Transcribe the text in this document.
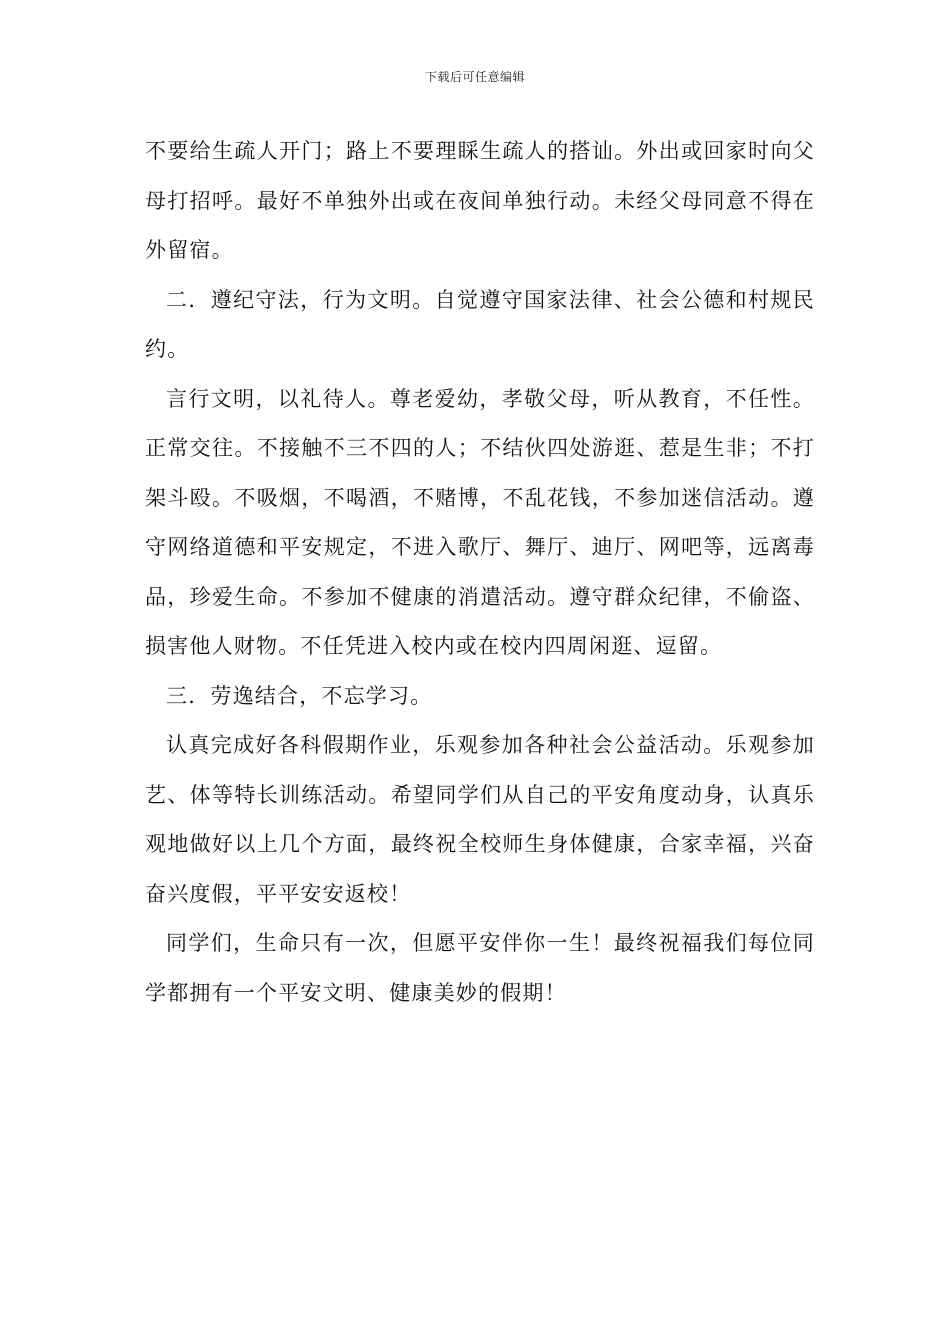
下载后可任意编辑

不要给生疏人开门；路上不要理睬生疏人的搭讪。外出或回家时向父母打招呼。最好不单独外出或在夜间单独行动。未经父母同意不得在外留宿。

二．遵纪守法，行为文明。自觉遵守国家法律、社会公德和村规民约。

言行文明，以礼待人。尊老爱幼，孝敬父母，听从教育，不任性。正常交往。不接触不三不四的人；不结伙四处游逛、惹是生非；不打架斗殴。不吸烟，不喝酒，不赌博，不乱花钱，不参加迷信活动。遵守网络道德和平安规定，不进入歌厅、舞厅、迪厅、网吧等，远离毒品，珍爱生命。不参加不健康的消遣活动。遵守群众纪律，不偷盗、损害他人财物。不任凭进入校内或在校内四周闲逛、逗留。

三．劳逸结合，不忘学习。

认真完成好各科假期作业，乐观参加各种社会公益活动。乐观参加艺、体等特长训练活动。希望同学们从自己的平安角度动身，认真乐观地做好以上几个方面，最终祝全校师生身体健康，合家幸福，兴奋奋兴度假，平平安安返校！

同学们，生命只有一次，但愿平安伴你一生！最终祝福我们每位同学都拥有一个平安文明、健康美妙的假期！
